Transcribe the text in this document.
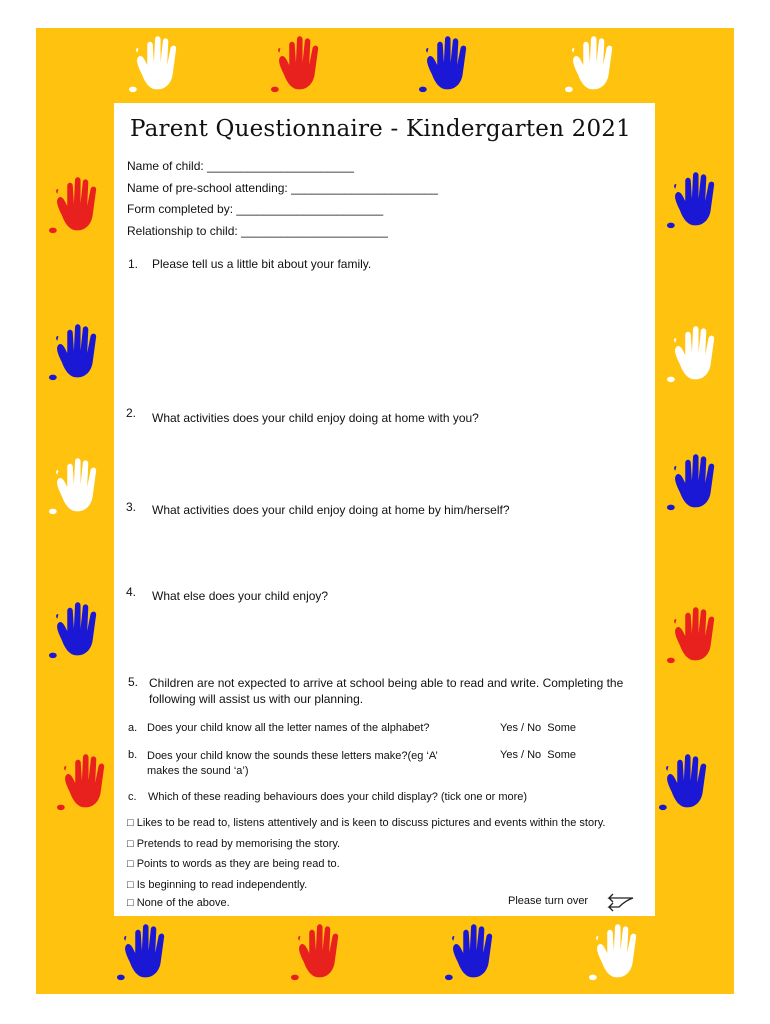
Parent Questionnaire - Kindergarten 2021
Name of child: ______________________
Name of pre-school attending: ______________________
Form completed by: ______________________
Relationship to child: ______________________
1. Please tell us a little bit about your family.
2. What activities does your child enjoy doing at home with you?
3. What activities does your child enjoy doing at home by him/herself?
4. What else does your child enjoy?
5. Children are not expected to arrive at school being able to read and write. Completing the following will assist us with our planning.
a. Does your child know all the letter names of the alphabet?	Yes / No  Some
b. Does your child know the sounds these letters make?(eg ‘A’ makes the sound ‘a’)
Yes / No  Some
c. Which of these reading behaviours does your child display? (tick one or more)
□ Likes to be read to, listens attentively and is keen to discuss pictures and events within the story.
□ Pretends to read by memorising the story.
□ Points to words as they are being read to.
□ Is beginning to read independently.
□ None of the above.	Please turn over
